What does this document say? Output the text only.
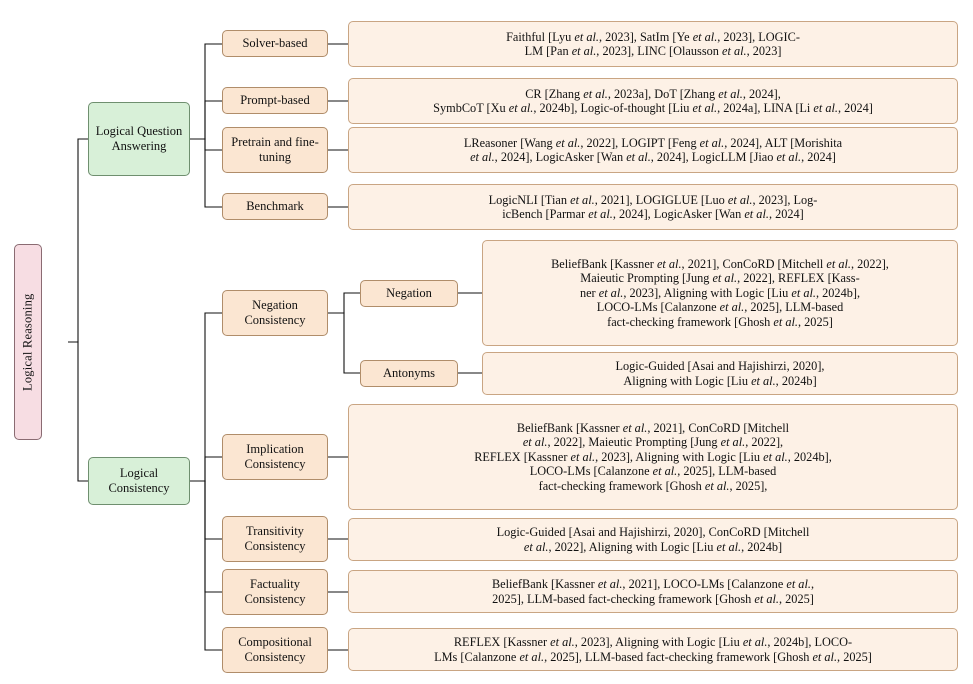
Logical Reasoning
Logical Question Answering
Logical Consistency
Solver-based
Prompt-based
Pretrain and fine-tuning
Benchmark
Negation Consistency
Implication Consistency
Transitivity Consistency
Factuality Consistency
Compositional Consistency
Negation
Antonyms
Faithful [Lyu et al., 2023], SatIm [Ye et al., 2023], LOGIC-
LM [Pan et al., 2023], LINC [Olausson et al., 2023]
CR [Zhang et al., 2023a], DoT [Zhang et al., 2024],
SymbCoT [Xu et al., 2024b], Logic-of-thought [Liu et al., 2024a], LINA [Li et al., 2024]
LReasoner [Wang et al., 2022], LOGIPT [Feng et al., 2024], ALT [Morishita
et al., 2024], LogicAsker [Wan et al., 2024], LogicLLM [Jiao et al., 2024]
LogicNLI [Tian et al., 2021], LOGIGLUE [Luo et al., 2023], Log-
icBench [Parmar et al., 2024], LogicAsker [Wan et al., 2024]
BeliefBank [Kassner et al., 2021], ConCoRD [Mitchell et al., 2022],
Maieutic Prompting [Jung et al., 2022], REFLEX [Kass-
ner et al., 2023], Aligning with Logic [Liu et al., 2024b],
LOCO-LMs [Calanzone et al., 2025], LLM-based
fact-checking framework [Ghosh et al., 2025]
Logic-Guided [Asai and Hajishirzi, 2020],
Aligning with Logic [Liu et al., 2024b]
BeliefBank [Kassner et al., 2021], ConCoRD [Mitchell
et al., 2022], Maieutic Prompting [Jung et al., 2022],
REFLEX [Kassner et al., 2023], Aligning with Logic [Liu et al., 2024b],
LOCO-LMs [Calanzone et al., 2025], LLM-based
fact-checking framework [Ghosh et al., 2025],
Logic-Guided [Asai and Hajishirzi, 2020], ConCoRD [Mitchell
et al., 2022], Aligning with Logic [Liu et al., 2024b]
BeliefBank [Kassner et al., 2021], LOCO-LMs [Calanzone et al.,
2025], LLM-based fact-checking framework [Ghosh et al., 2025]
REFLEX [Kassner et al., 2023], Aligning with Logic [Liu et al., 2024b], LOCO-
LMs [Calanzone et al., 2025], LLM-based fact-checking framework [Ghosh et al., 2025]
